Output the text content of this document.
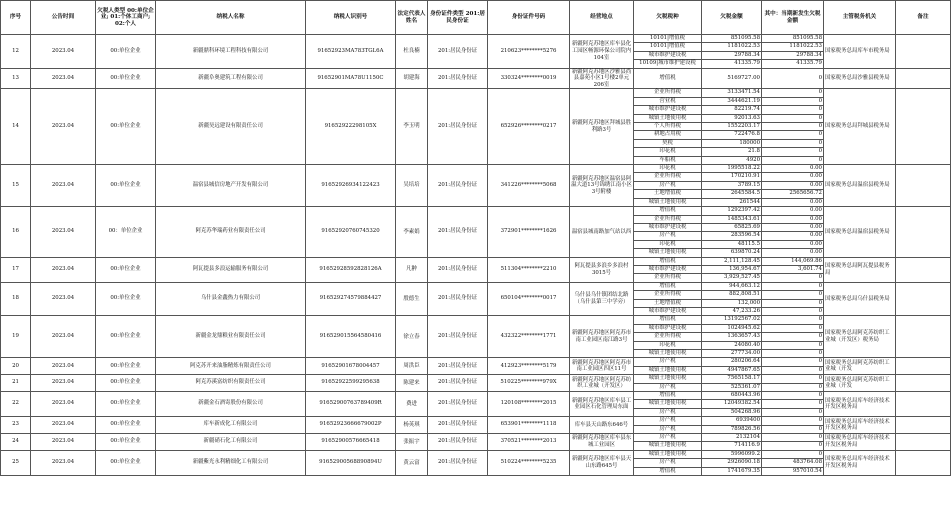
序号	公告时间	欠税人类型 00:单位企业; 01:个体工商户; 02:个人	纳税人名称	纳税人识别号	法定代表人姓名	身份证件类型 201:居民身份证	身份证件号码	经营地点	欠税税种	欠税金额	其中：当期新发生欠税金额	主管税务机关	备注
12	2023.04	00:单位企业	新疆鼎科环境工程科技有限公司	91652923MA783TGL6A	杜良楠	201:居民身份证	210623********5276	新疆阿克苏地区库车县化工园区畅源环保公司院内104室	10101|增值税	851095.58	851095.58	国家税务总局库车市税务局	
									10101|增值税	1181022.53	1181022.53		
									城市维护建设税	29788.34	29788.34		
									10109|城市维护建设税	41335.79	41335.79		
13	2023.04	00:单位企业	新疆阜奥建筑工程有限公司	91652901MA78U1150C	胡建海	201:居民身份证	330324********0019	新疆阿克苏地区沙雅县尚县嘉苑小区1号楼2单元206室	增值税	5169727.00	0	国家税务总局沙雅县税务局	
14	2023.04	00:单位企业	新疆昊远建设有限责任公司	91652922298105X	李玉明	201:居民身份证	652926********0217	新疆阿克苏地区拜城县胜利路3号	企业所得税	3133471.54	0	国家税务总局拜城县税务局	
									营业税	3444621.19	0		
									城市维护建设税	82219.74	0		
									城镇土地使用税	92013.63	0		
									个人所得税	1552203.17	0		
									耕地占用税	722476.8	0		
									契税	180000	0		
									印花税	21.8	0		
									车船税	4920	0		
15	2023.04	00:单位企业	温宿县城信房地产开发有限公司	91652926934122423	吴培培	201:居民身份证	341226********5068	新疆阿克苏地区温宿县阿温大道13号锦绣江南小区3号附楼	印花税	1995518.22	0.00	国家税务总局温宿县税务局	
									企业所得税	170210.91	0.00		
									房产税	3789.15	0.00		
									土地增值税	2645584.5	2565656.72		
									城镇土地使用税	261544	0.00		
16	2023.04	00：单位企业	阿克苏华瑞药业有限责任公司	91652920760745320	李素娟	201:居民身份证	372901********1626	温宿县城南路加气站以西	增值税	1292397.42	0.00	国家税务总局温宿县税务局	
									企业所得税	1485343.61	0.00		
									城市维护建设税	65825.69	0.00		
									房产税	283596.54	0.00		
									印花税	48115.5	0.00		
									城镇土地使用税	639870.24	0.00		
17	2023.04	00:单位企业	阿瓦提县多浪运输服务有限公司	91652928592828126A	凡翀	201:居民身份证	511304********2210	阿瓦提县多浪乡多浪村3015号	增值税	2,111,128.45	144,069.86	国家税务总局阿瓦提县税务局	
									城市维护建设税	136,954.67	3,601.74		
									企业所得税	3,929,527.45	0		
18	2023.04	00:单位企业	乌什县金鑫热力有限公司	916529274579884427	殷德生	201:居民身份证	650104********0017	乌什县乌什镇团结北路（乌什县第三中学旁）	增值税	944,663.12	0	国家税务总局乌什县税务局	
									企业所得税	882,808.51	0		
									土地增值税	132,000	0		
									城市维护建设税	47,233.26	0		
19	2023.04	00:单位企业	新疆金龙鼎粮业有限责任公司	916529015564580416	徐立春	201:居民身份证	432322********1771	新疆阿克苏地区阿克苏市南工业园区南江路3号	增值税	13192567.02	0	国家税务总局阿克苏纺织工业城（开发区）税务局	
									城市维护建设税	1024945.62	0		
									企业所得税	1363657.43	0		
									印花税	24080.40	0		
									城镇土地使用税	277734.00	0		
20	2023.04	00:单位企业	阿克苏开来油脂精炼有限责任公司	91652901678004457	周洪臣	201:居民身份证	412923********5179	新疆阿克苏地区阿克苏市南工业园区四区11号	房产税	280206.64	0	国家税务总局阿克苏纺织工业城（开发	
									城镇土地使用税	4947867.65	0		
21	2023.04	00:单位企业	阿克苏溪富纺织有限责任公司	91652922599295638	陈建来	201:居民身份证	510225********979X	新疆阿克苏地区阿克苏纺织工业城（开发区）	城镇土地使用税	7565158.17	0	国家税务总局阿克苏纺织工业城（开发	
									房产税	525361.07	0		
22	2023.04	00:单位企业	新疆金石酒寄股份有限公司	91652900763789409R	费进	201:居民身份证	120108********2015	新疆阿克苏地区库车县工业园区石化管理局东面	增值税	680443.96	0	国家税务总局库车经济技术开发区税务局	
									城镇土地使用税	12049382.54	0		
									房产税	504268.96	0		
23	2023.04	00:单位企业	库车新成化工有限公司	91652923666679002P	杨英琪	201:居民身份证	653901********1118	库车县天山路东646号	房产税	6939400	0	国家税务总局库车经济技术开发区税务局	
									房产税	789826.56	0		
24	2023.04	00:单位企业	新疆硝石化工有限公司	91652900576665418	张振宇	201:居民身份证	370521********2013	新疆阿克苏地区库车县东城工业园区	房产税	2132104	0	国家税务总局库车经济技术开发区税务局	
									城镇土地使用税	714116.9	0		
25	2023.04	00:单位企业	新疆紫光永利精细化工有限公司	91652900568890894U	黄云富	201:居民身份证	510224********5235	新疆阿克苏地区库车县天山东路645号	城镇土地使用税	5996099.2	0	国家税务总局库车经济技术开发区税务局	
									房产税	2926090.18	483764.08		
									增值税	1741679.35	957010.54		
